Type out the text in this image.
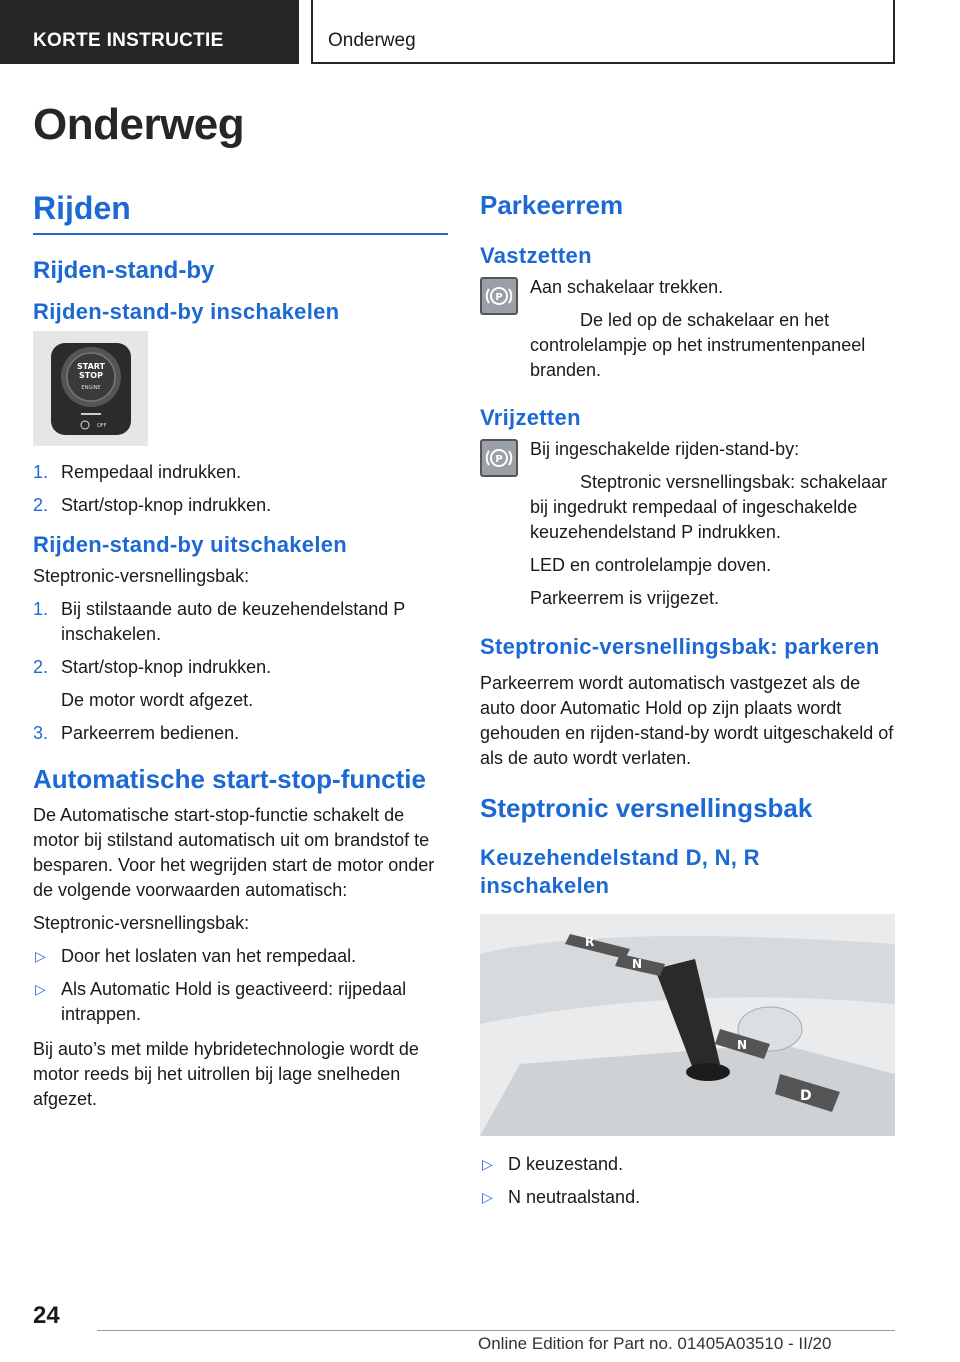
KORTE INSTRUCTIE	Onderweg
Onderweg
Rijden
Rijden-stand-by
Rijden-stand-by inschakelen
START
STOP
ENGINE
OFF
1. Rempedaal indrukken.
2. Start/stop-knop indrukken.
Rijden-stand-by uitschakelen

Steptronic-versnellingsbak:

1. Bij stilstaande auto de keuzehendelstand P inschakelen.
2. Start/stop-knop indrukken.
De motor wordt afgezet.
3. Parkeerrem bedienen.
Automatische start-stop-functie

De Automatische start-stop-functie schakelt de motor bij stilstand automatisch uit om brandstof te besparen. Voor het wegrijden start de motor onder de volgende voorwaarden automatisch:

Steptronic-versnellingsbak:

▷ Door het loslaten van het rempedaal.
▷ Als Automatic Hold is geactiveerd: rijpedaal intrappen.

Bij auto’s met milde hybridetechnologie wordt de motor reeds bij het uitrollen bij lage snelheden afgezet.

Parkeerrem
Vastzetten
P

Aan schakelaar trekken.

De led op de schakelaar en het controlelampje op het instrumentenpaneel branden.

Vrijzetten
P

Bij ingeschakelde rijden-stand-by:

Steptronic versnellingsbak: schakelaar bij ingedrukt rempedaal of ingeschakelde keuzehendelstand P indrukken.

LED en controlelampje doven.

Parkeerrem is vrijgezet.

Steptronic-versnellingsbak: parkeren

Parkeerrem wordt automatisch vastgezet als de auto door Automatic Hold op zijn plaats wordt gehouden en rijden-stand-by wordt uitgeschakeld of als de auto wordt verlaten.

Steptronic versnellingsbak
Keuzehendelstand D, N, R inschakelen
R
N
N
D
▷ D keuzestand.
▷ N neutraalstand.
24
Online Edition for Part no. 01405A03510 - II/20
